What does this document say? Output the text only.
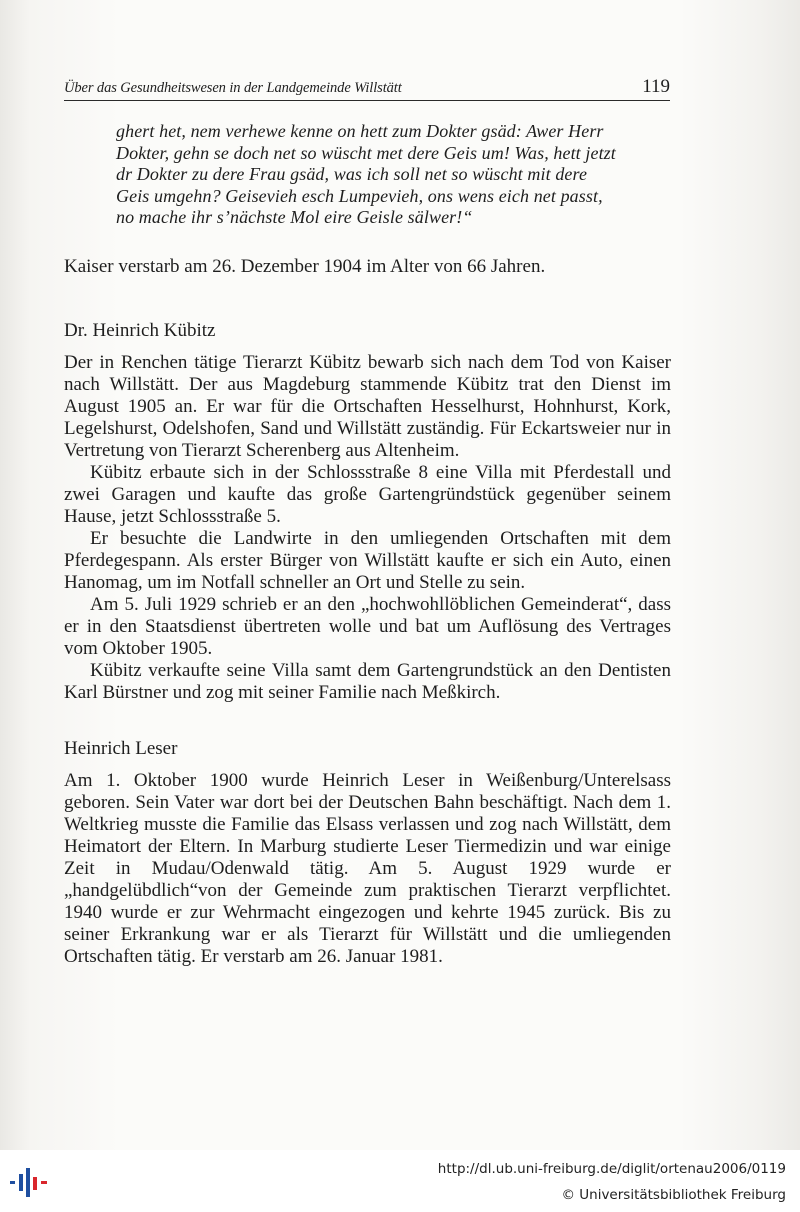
Über das Gesundheitswesen in der Landgemeinde Willstätt	119

ghert het, nem verhewe kenne on hett zum Dokter gsäd: Awer Herr
Dokter, gehn se doch net so wüscht met dere Geis um! Was, hett jetzt
dr Dokter zu dere Frau gsäd, was ich soll net so wüscht mit dere
Geis umgehn? Geisevieh esch Lumpevieh, ons wens eich net passt,
no mache ihr s’nächste Mol eire Geisle sälwer!“

Kaiser verstarb am 26. Dezember 1904 im Alter von 66 Jahren.

Dr. Heinrich Kübitz

Der in Renchen tätige Tierarzt Kübitz bewarb sich nach dem Tod von Kaiser nach Willstätt. Der aus Magdeburg stammende Kübitz trat den Dienst im August 1905 an. Er war für die Ortschaften Hesselhurst, Hohnhurst, Kork, Legelshurst, Odelshofen, Sand und Willstätt zuständig. Für Eckartsweier nur in Vertretung von Tierarzt Scherenberg aus Altenheim.

Kübitz erbaute sich in der Schlossstraße 8 eine Villa mit Pferdestall und zwei Garagen und kaufte das große Gartengründstück gegenüber seinem Hause, jetzt Schlossstraße 5.

Er besuchte die Landwirte in den umliegenden Ortschaften mit dem Pferdegespann. Als erster Bürger von Willstätt kaufte er sich ein Auto, einen Hanomag, um im Notfall schneller an Ort und Stelle zu sein.

Am 5. Juli 1929 schrieb er an den „hochwohllöblichen Gemeinderat“, dass er in den Staatsdienst übertreten wolle und bat um Auflösung des Vertrages vom Oktober 1905.

Kübitz verkaufte seine Villa samt dem Gartengrundstück an den Dentisten Karl Bürstner und zog mit seiner Familie nach Meßkirch.

Heinrich Leser

Am 1. Oktober 1900 wurde Heinrich Leser in Weißenburg/Unterelsass geboren. Sein Vater war dort bei der Deutschen Bahn beschäftigt. Nach dem 1. Weltkrieg musste die Familie das Elsass verlassen und zog nach Willstätt, dem Heimatort der Eltern. In Marburg studierte Leser Tiermedizin und war einige Zeit in Mudau/Odenwald tätig. Am 5. August 1929 wurde er „handgelübdlich“von der Gemeinde zum praktischen Tierarzt verpflichtet. 1940 wurde er zur Wehrmacht eingezogen und kehrte 1945 zurück. Bis zu seiner Erkrankung war er als Tierarzt für Willstätt und die umliegenden Ortschaften tätig. Er verstarb am 26. Januar 1981.

http://dl.ub.uni-freiburg.de/diglit/ortenau2006/0119
© Universitätsbibliothek Freiburg
